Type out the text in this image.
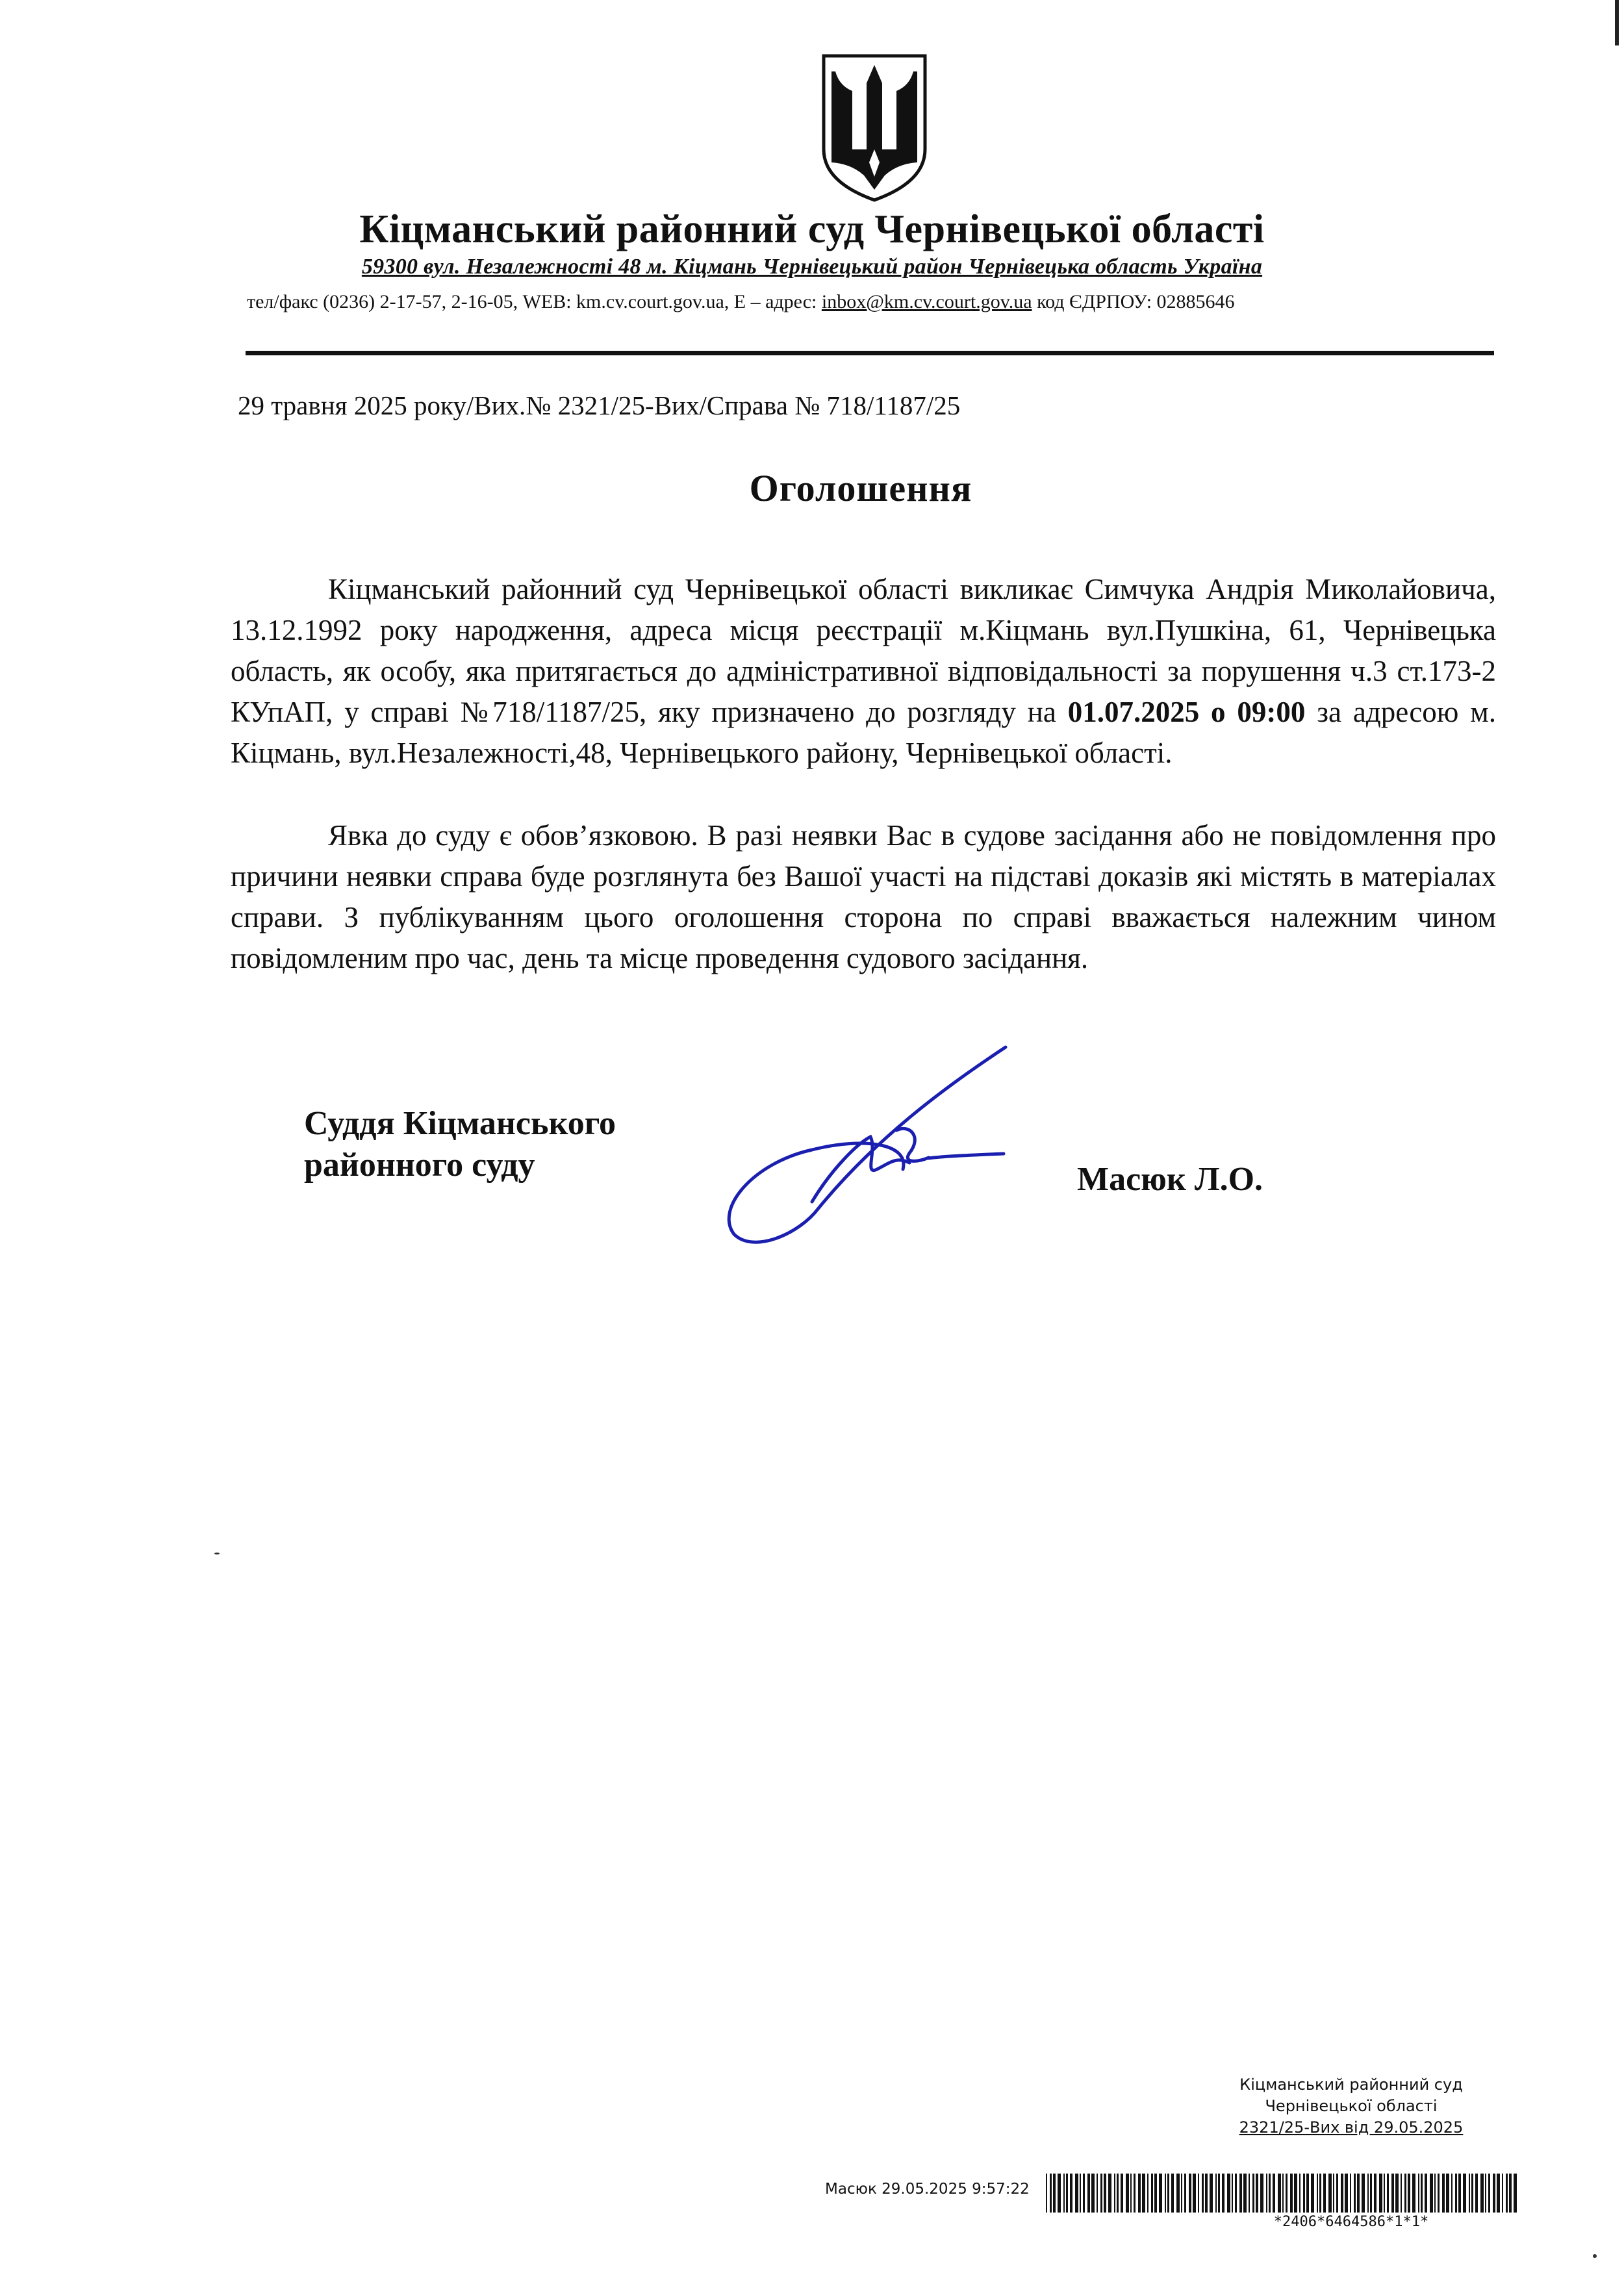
Кіцманський районний суд Чернівецької області
59300 вул. Незалежності 48 м. Кіцмань Чернівецький район Чернівецька область Україна
тел/факс (0236) 2-17-57, 2-16-05, WEB: km.cv.court.gov.ua, E – адрес: inbox@km.cv.court.gov.ua код ЄДРПОУ: 02885646
29 травня 2025 року/Вих.№ 2321/25-Вих/Справа № 718/1187/25
Оголошення
Кіцманський районний суд Чернівецької області викликає Симчука Андрія Миколайовича, 13.12.1992 року народження, адреса місця реєстрації м.Кіцмань вул.Пушкіна, 61, Чернівецька область, як особу, яка притягається до адміністративної відповідальності за порушення ч.3 ст.173-2 КУпАП, у справі №718/1187/25, яку призначено до розгляду на 01.07.2025 о 09:00 за адресою м. Кіцмань, вул.Незалежності,48, Чернівецького району, Чернівецької області.
Явка до суду є обов’язковою. В разі неявки Вас в судове засідання або не повідомлення про причини неявки справа буде розглянута без Вашої участі на підставі доказів які містять в матеріалах справи. З публікуванням цього оголошення сторона по справі вважається належним чином повідомленим про час, день та місце проведення судового засідання.
Суддя Кіцманського
районного суду	Масюк Л.О.
Кіцманський районний суд
Чернівецької області
2321/25-Вих від 29.05.2025
Масюк 29.05.2025 9:57:22
*2406*6464586*1*1*
